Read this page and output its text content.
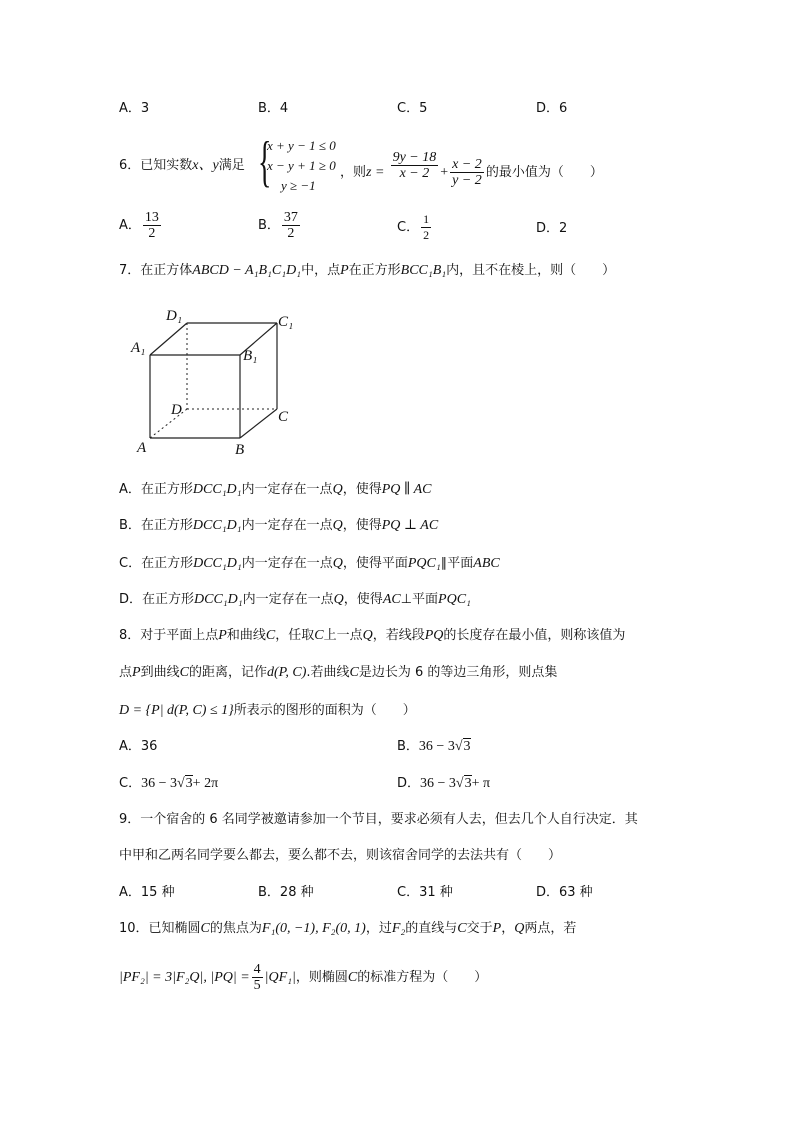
A．3	B．4	C．5	D．6
6．已知实数x、y满足 {
x + y − 1 ≤ 0
x − y + 1 ≥ 0
y ≥ −1
，则$z = \frac{9y - 18}{x - 2} + \frac{x - 2}{y - 2}$ 的最小值为（　　）
A． $\frac{13}{2}$	B． $\frac{37}{2}$	C． $\frac{1}{2}$	D．2
7．在正方体ABCD − A₁B₁C₁D₁中，点P在正方形BCC₁B₁内，且不在棱上，则（　　）
D₁	C₁
A₁	B₁
D	C
A	B
A．在正方形DCC₁D₁内一定存在一点Q，使得PQ ∥ AC
B．在正方形DCC₁D₁内一定存在一点Q，使得PQ ⊥ AC
C．在正方形DCC₁D₁内一定存在一点Q，使得平面PQC₁∥平面ABC
D．在正方形DCC₁D₁内一定存在一点Q，使得AC⊥平面PQC₁
8．对于平面上点P和曲线C，任取C上一点Q，若线段PQ的长度存在最小值，则称该值为
点P到曲线C的距离，记作d(P, C).若曲线C是边长为 6 的等边三角形，则点集
D = {P| d(P, C) ≤ 1}所表示的图形的面积为（　　）
A．36	B．36 − 3√3
C．36 − 3√3+ 2π	D．36 − 3√3+ π
9．一个宿舍的 6 名同学被邀请参加一个节目，要求必须有人去，但去几个人自行决定．其
中甲和乙两名同学要么都去，要么都不去，则该宿舍同学的去法共有（　　）
A．15 种	B．28 种	C．31 种	D．63 种
10．已知椭圆C的焦点为F₁(0, −1), F₂(0, 1)，过F₂的直线与C交于P，Q两点，若
|PF₂| = 3|F₂Q|, $|PQ| = \frac{4}{5} |QF_1|$，则椭圆C的标准方程为（　　）
